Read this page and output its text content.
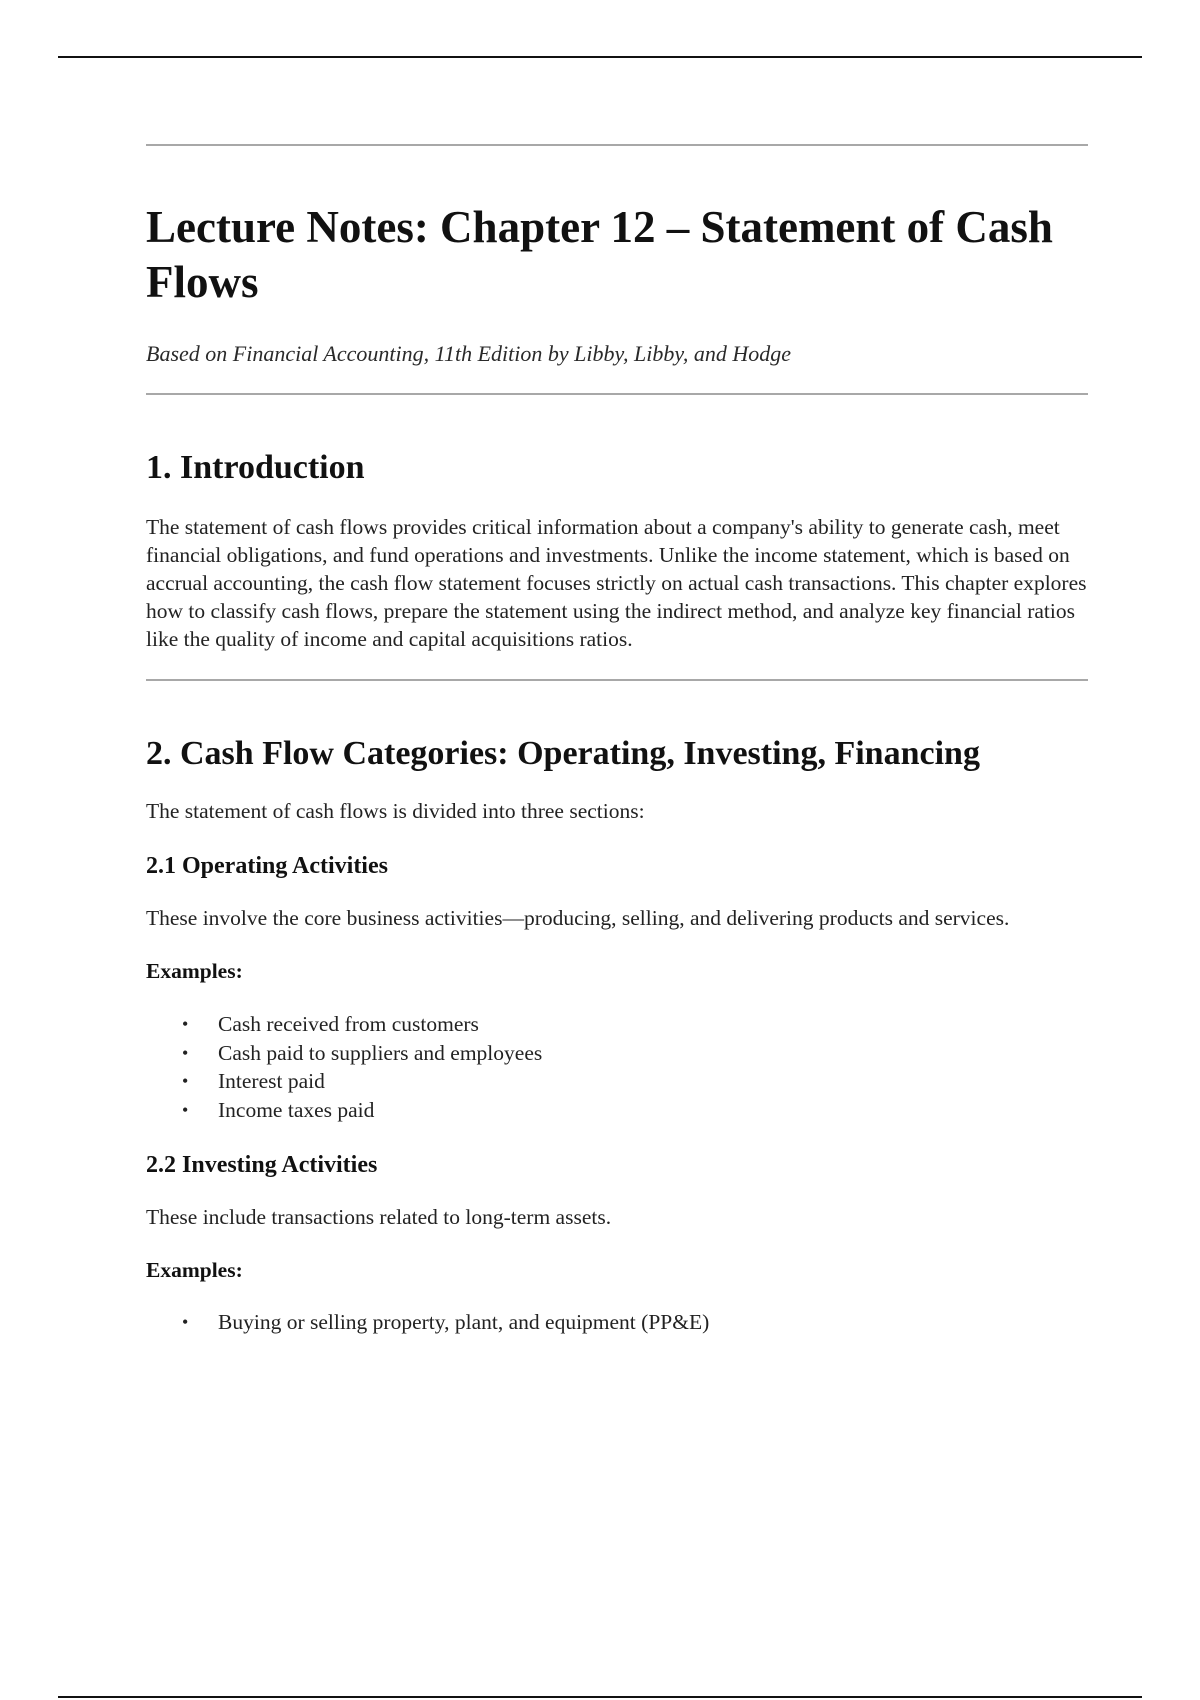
Lecture Notes: Chapter 12 – Statement of Cash Flows

Based on Financial Accounting, 11th Edition by Libby, Libby, and Hodge

1. Introduction

The statement of cash flows provides critical information about a company's ability to generate cash, meet financial obligations, and fund operations and investments. Unlike the income statement, which is based on accrual accounting, the cash flow statement focuses strictly on actual cash transactions. This chapter explores how to classify cash flows, prepare the statement using the indirect method, and analyze key financial ratios like the quality of income and capital acquisitions ratios.

2. Cash Flow Categories: Operating, Investing, Financing

The statement of cash flows is divided into three sections:

2.1 Operating Activities

These involve the core business activities—producing, selling, and delivering products and services.

Examples:

• Cash received from customers
• Cash paid to suppliers and employees
• Interest paid
• Income taxes paid
2.2 Investing Activities

These include transactions related to long-term assets.

Examples:

• Buying or selling property, plant, and equipment (PP&E)
